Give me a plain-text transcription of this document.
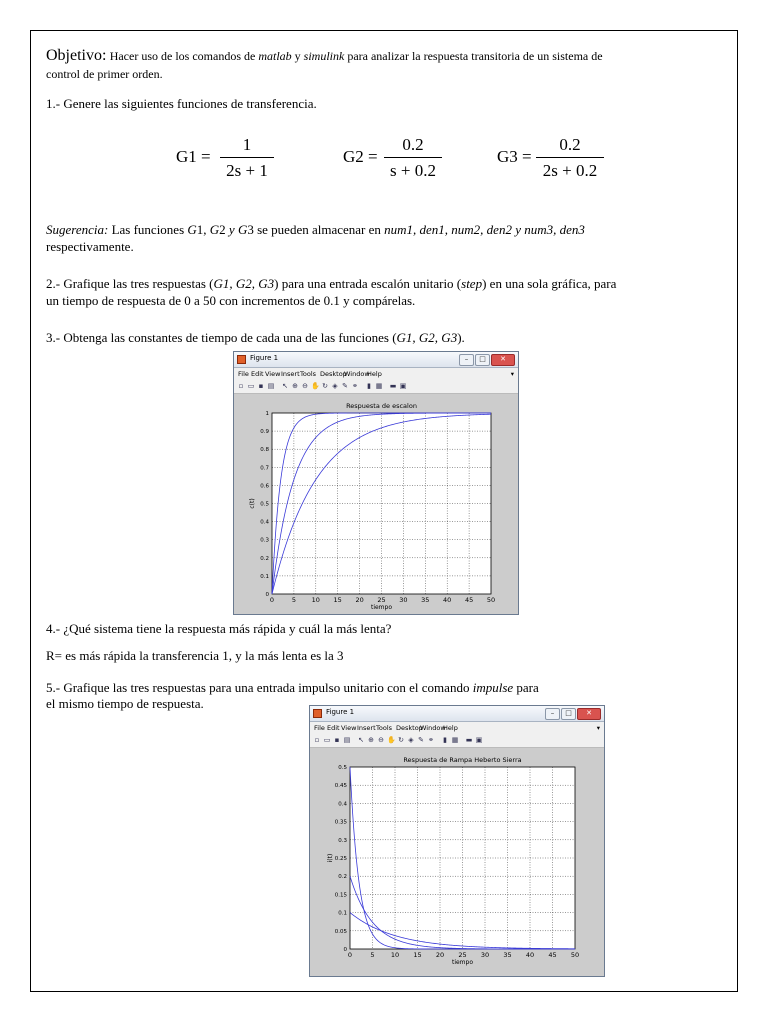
Objetivo: Hacer uso de los comandos de matlab y simulink para analizar la respuesta transitoria de un sistema de
control de primer orden.
1.- Genere las siguientes funciones de transferencia.
$G1 = \frac{1}{2s + 1}$	$G2 = \frac{0.2}{s + 0.2}$	$G3 = \frac{0.2}{2s + 0.2}$
Sugerencia: Las funciones G1, G2 y G3 se pueden almacenar en num1, den1, num2, den2 y num3, den3
respectivamente.
2.- Grafique las tres respuestas (G1, G2, G3) para una entrada escalón unitario (step) en una sola gráfica, para
un tiempo de respuesta de 0 a 50 con incrementos de 0.1 y compárelas.
3.- Obtenga las constantes de tiempo de cada una de las funciones (G1, G2, G3).
Figure 1	–	□	✕
File Edit View Insert Tools Desktop
Window
Help	▾
▫ ▭ ▪ ▤ ↖ ⊕ ⊖ ✋ ↻ ◈ ✎ ⚭ ▮ ▦ ▬ ▣
Respuesta de escalon
0	5 10 15 20 25 30 35 40 45 50
0
0.1
0.2
0.3
0.4
0.5
0.6
0.7
0.8
0.9
1
tiempo
c(t)
4.- ¿Qué sistema tiene la respuesta más rápida y cuál la más lenta?
R= es más rápida la transferencia 1, y la más lenta es la 3
5.- Grafique las tres respuestas para una entrada impulso unitario con el comando impulse para
el mismo tiempo de respuesta.
Figure 1	–	□	✕
File Edit View Insert Tools Desktop
Window
Help	▾
▫ ▭ ▪ ▤ ↖ ⊕ ⊖ ✋ ↻ ◈ ✎ ⚭ ▮ ▦ ▬ ▣
Respuesta de Rampa Heberto Sierra
0	5	10 15 20 25 30 35 40 45 50
0
0.05
0.1
0.15
0.2
0.25
0.3
0.35
0.4
0.45
0.5
tiempo
i(t)
